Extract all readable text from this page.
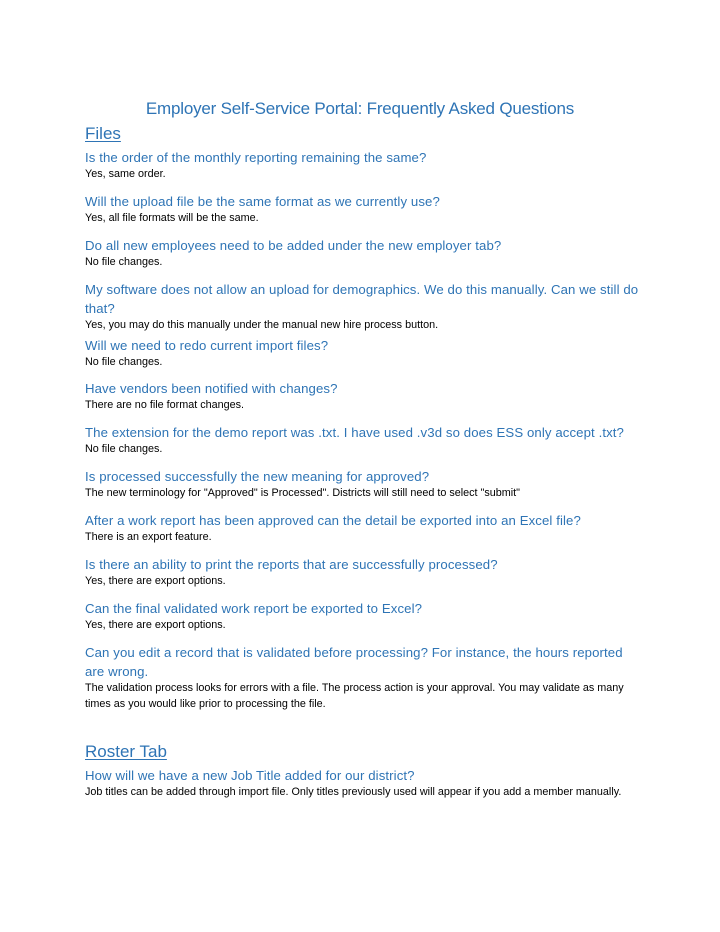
Employer Self-Service Portal: Frequently Asked Questions
Files

Is the order of the monthly reporting remaining the same?

Yes, same order.

Will the upload file be the same format as we currently use?

Yes, all file formats will be the same.

Do all new employees need to be added under the new employer tab?

No file changes.

My software does not allow an upload for demographics. We do this manually. Can we still do that?

Yes, you may do this manually under the manual new hire process button.

Will we need to redo current import files?

No file changes.

Have vendors been notified with changes?

There are no file format changes.

The extension for the demo report was .txt. I have used .v3d so does ESS only accept .txt?

No file changes.

Is processed successfully the new meaning for approved?

The new terminology for "Approved" is Processed". Districts will still need to select "submit"

After a work report has been approved can the detail be exported into an Excel file?

There is an export feature.

Is there an ability to print the reports that are successfully processed?

Yes, there are export options.

Can the final validated work report be exported to Excel?

Yes, there are export options.

Can you edit a record that is validated before processing? For instance, the hours reported are wrong.

The validation process looks for errors with a file. The process action is your approval. You may validate as many times as you would like prior to processing the file.

Roster Tab

How will we have a new Job Title added for our district?

Job titles can be added through import file. Only titles previously used will appear if you add a member manually.
